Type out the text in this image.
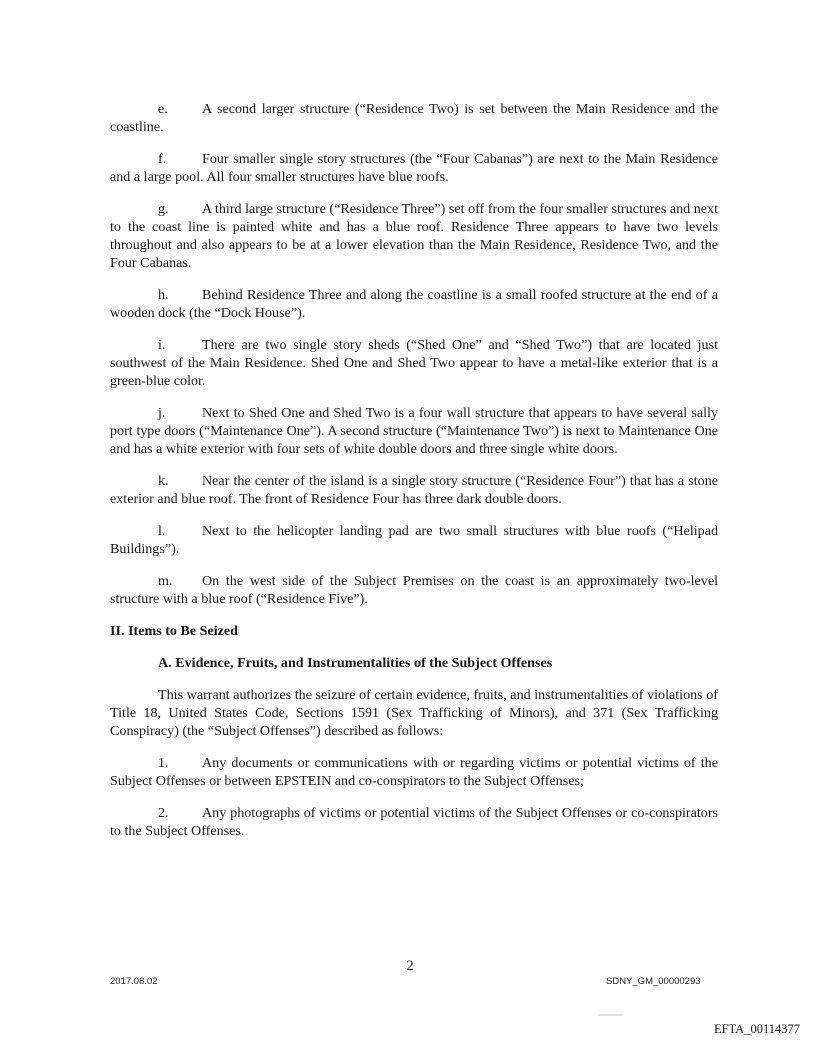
e. A second larger structure (“Residence Two) is set between the Main Residence and the coastline.

f.	Four smaller single story structures (the “Four Cabanas”) are next to the Main Residence and a large pool. All four smaller structures have blue roofs.

g. A third large structure (“Residence Three”) set off from the four smaller structures and next to the coast line is painted white and has a blue roof. Residence Three appears to have two levels throughout and also appears to be at a lower elevation than the Main Residence, Residence Two, and the Four Cabanas.

h. Behind Residence Three and along the coastline is a small roofed structure at the end of a wooden dock (the “Dock House”).

i.	There are two single story sheds (“Shed One” and “Shed Two”) that are located just southwest of the Main Residence. Shed One and Shed Two appear to have a metal-like exterior that is a green-blue color.

j.	Next to Shed One and Shed Two is a four wall structure that appears to have several sally port type doors (“Maintenance One”). A second structure (“Maintenance Two”) is next to Maintenance One and has a white exterior with four sets of white double doors and three single white doors.

k. Near the center of the island is a single story structure (“Residence Four”) that has a stone exterior and blue roof. The front of Residence Four has three dark double doors.

l.	Next to the helicopter landing pad are two small structures with blue roofs (“Helipad Buildings”).

m. On the west side of the Subject Premises on the coast is an approximately two-level structure with a blue roof (“Residence Five”).

II. Items to Be Seized

A. Evidence, Fruits, and Instrumentalities of the Subject Offenses

This warrant authorizes the seizure of certain evidence, fruits, and instrumentalities of violations of Title 18, United States Code, Sections 1591 (Sex Trafficking of Minors), and 371 (Sex Trafficking Conspiracy) (the “Subject Offenses”) described as follows:

1. Any documents or communications with or regarding victims or potential victims of the Subject Offenses or between EPSTEIN and co-conspirators to the Subject Offenses;

2. Any photographs of victims or potential victims of the Subject Offenses or co-conspirators to the Subject Offenses.

2
2017.08.02	SDNY_GM_00000293
EFTA_00114377
